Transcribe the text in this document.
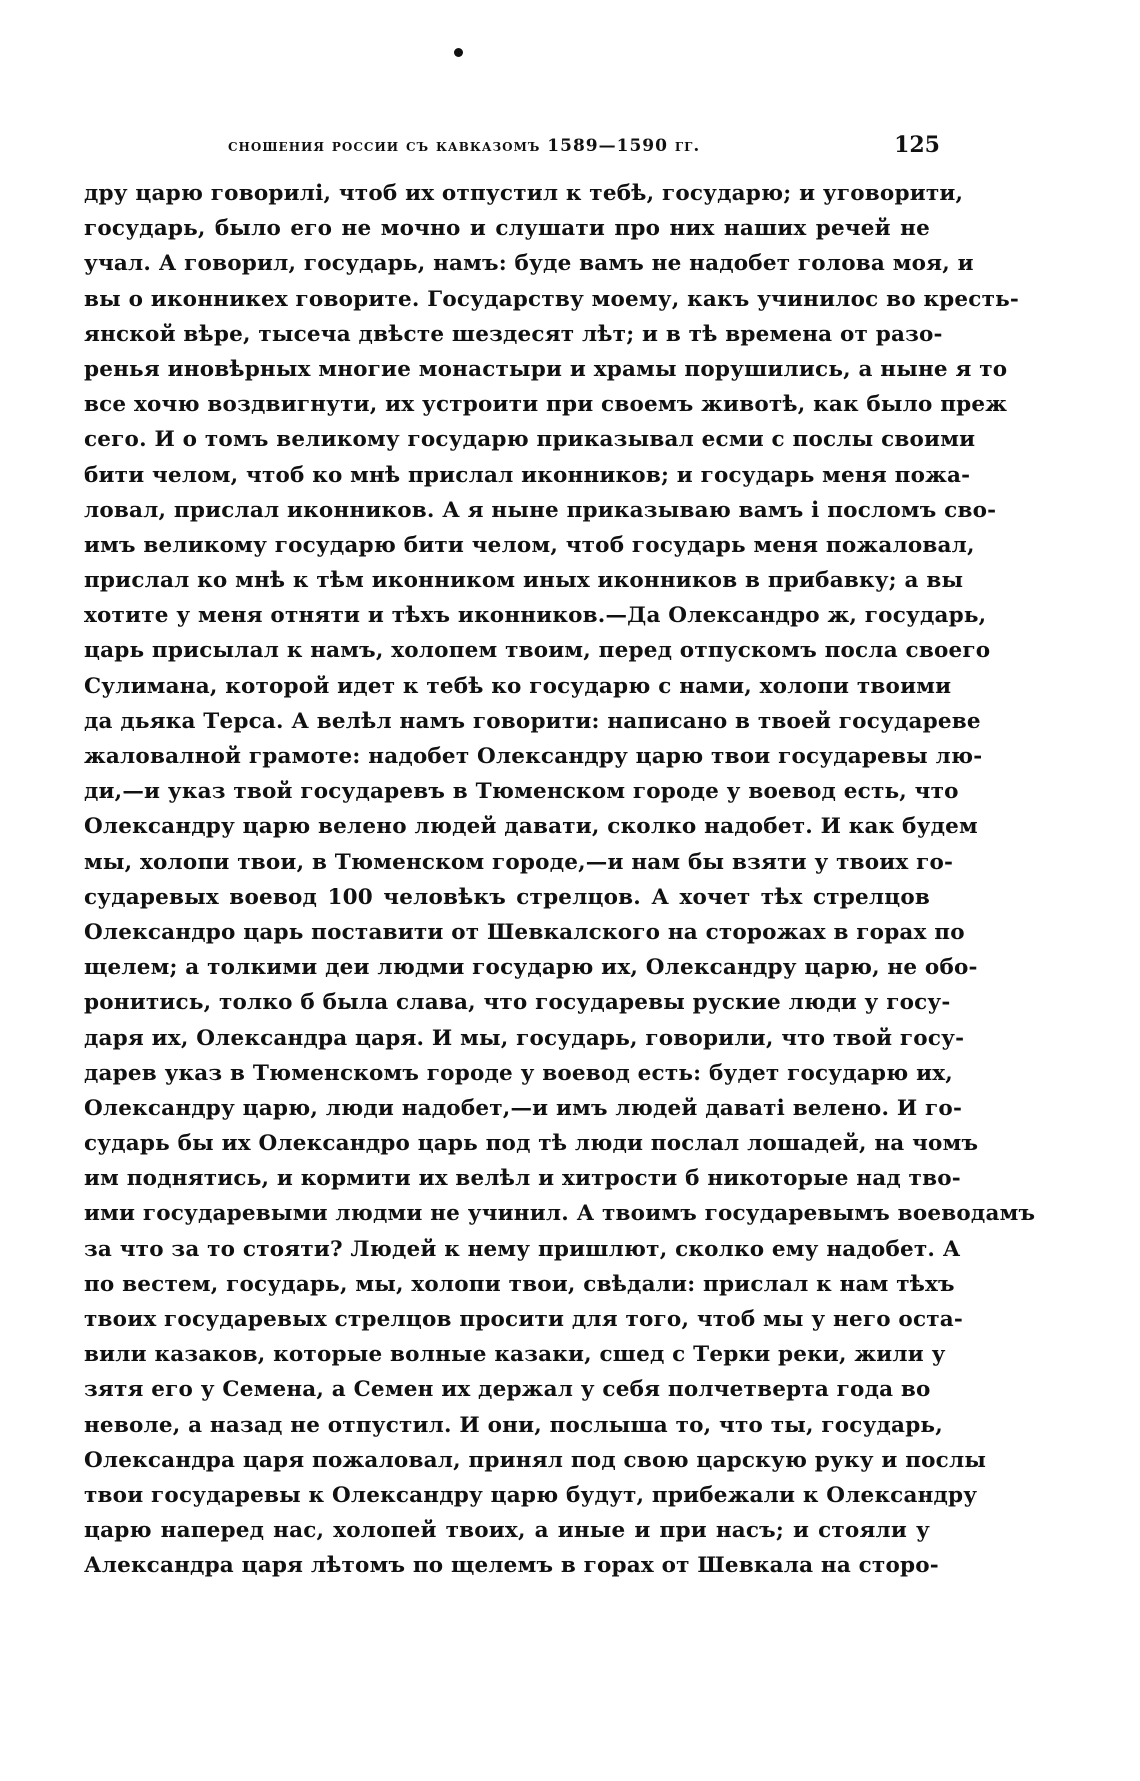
сношения россии съ кавказомъ 1589—1590 гг.	125
дру царю говорилі, чтоб их отпустил к тебѣ, государю; и уговорити,
государь, было его не мочно и слушати про них наших речей не
учал. А говорил, государь, намъ: буде вамъ не надобет голова моя, и
вы о иконникех говорите. Государству моему, какъ учинилос во кресть-
янской вѣре, тысеча двѣсте шездесят лѣт; и в тѣ времена от разо-
ренья иновѣрных многие монастыри и храмы порушились, а ныне я то
все хочю воздвигнути, их устроити при своемъ животѣ, как было преж
сего. И о томъ великому государю приказывал есми с послы своими
бити челом, чтоб ко мнѣ прислал иконников; и государь меня пожа-
ловал, прислал иконников. А я ныне приказываю вамъ і посломъ сво-
имъ великому государю бити челом, чтоб государь меня пожаловал,
прислал ко мнѣ к тѣм иконником иных иконников в прибавку; а вы
хотите у меня отняти и тѣхъ иконников.—Да Олександро ж, государь,
царь присылал к намъ, холопем твоим, перед отпускомъ посла своего
Сулимана, которой идет к тебѣ ко государю с нами, холопи твоими
да дьяка Терса. А велѣл намъ говорити: написано в твоей государеве
жаловалной грамоте: надобет Олександру царю твои государевы лю-
ди,—и указ твой государевъ в Тюменском городе у воевод есть, что
Олександру царю велено людей давати, сколко надобет. И как будем
мы, холопи твои, в Тюменском городе,—и нам бы взяти у твоих го-
сударевых воевод 100 человѣкъ стрелцов. А хочет тѣх стрелцов
Олександро царь поставити от Шевкалского на сторожах в горах по
щелем; а толкими деи людми государю их, Олександру царю, не обо-
ронитись, толко б была слава, что государевы руские люди у госу-
даря их, Олександра царя. И мы, государь, говорили, что твой госу-
дарев указ в Тюменскомъ городе у воевод есть: будет государю их,
Олександру царю, люди надобет,—и имъ людей даваті велено. И го-
сударь бы их Олександро царь под тѣ люди послал лошадей, на чомъ
им поднятись, и кормити их велѣл и хитрости б никоторые над тво-
ими государевыми людми не учинил. А твоимъ государевымъ воеводамъ
за что за то стояти? Людей к нему пришлют, сколко ему надобет. А
по вестем, государь, мы, холопи твои, свѣдали: прислал к нам тѣхъ
твоих государевых стрелцов просити для того, чтоб мы у него оста-
вили казаков, которые волные казаки, сшед с Терки реки, жили у
зятя его у Семена, а Семен их держал у себя полчетверта года во
неволе, а назад не отпустил. И они, послыша то, что ты, государь,
Олександра царя пожаловал, принял под свою царскую руку и послы
твои государевы к Олександру царю будут, прибежали к Олександру
царю наперед нас, холопей твоих, а иные и при насъ; и стояли у
Александра царя лѣтомъ по щелемъ в горах от Шевкала на сторо-
